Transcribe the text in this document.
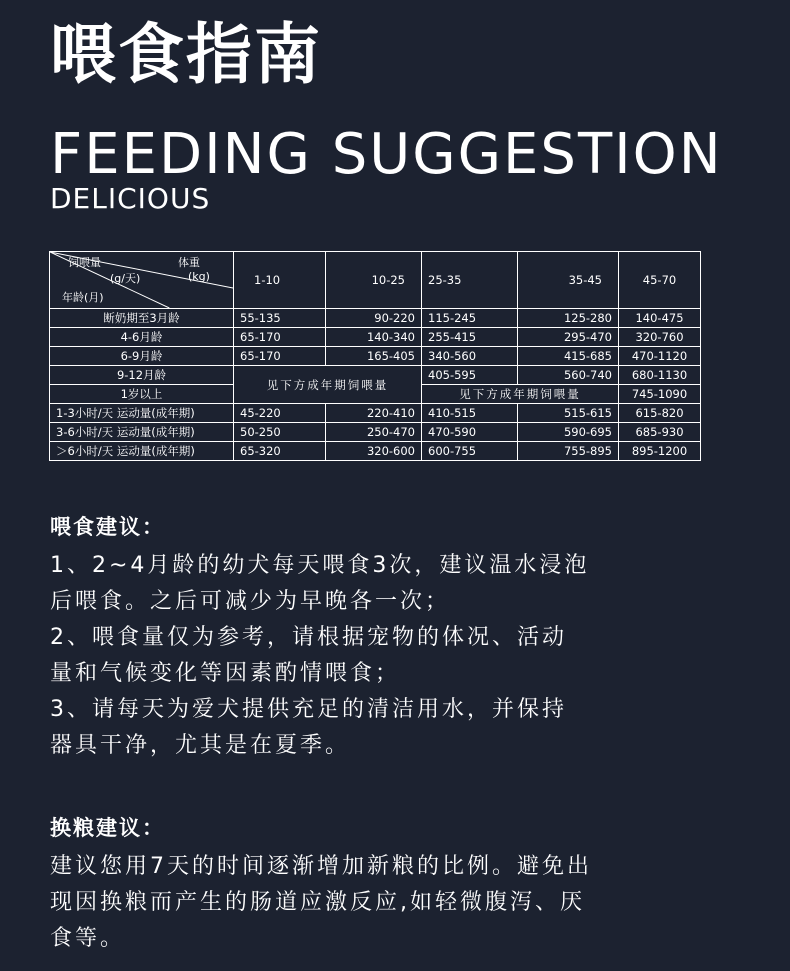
喂食指南
FEEDING SUGGESTION
DELICIOUS
体重
(kg)
饲喂量
(g/天)
年龄(月)	1-10	10-25	25-35	35-45	45-70
断奶期至3月龄	55-135	90-220	115-245	125-280	140-475
4-6月龄	65-170	140-340	255-415	295-470	320-760
6-9月龄	65-170	165-405	340-560	415-685	470-1120
9-12月龄	见下方成年期饲喂量		405-595	560-740	680-1130
1岁以上			见下方成年期饲喂量		745-1090
1-3小时/天 运动量(成年期)	45-220	220-410	410-515	515-615	615-820
3-6小时/天 运动量(成年期)	50-250	250-470	470-590	590-695	685-930
＞6小时/天 运动量(成年期)	65-320	320-600	600-755	755-895	895-1200
喂食建议：

1、2~4月龄的幼犬每天喂食3次，建议温水浸泡

后喂食。之后可减少为早晚各一次；

2、喂食量仅为参考，请根据宠物的体况、活动

量和气候变化等因素酌情喂食；

3、请每天为爱犬提供充足的清洁用水，并保持

器具干净，尤其是在夏季。

换粮建议：

建议您用7天的时间逐渐增加新粮的比例。避免出

现因换粮而产生的肠道应激反应,如轻微腹泻、厌

食等。
